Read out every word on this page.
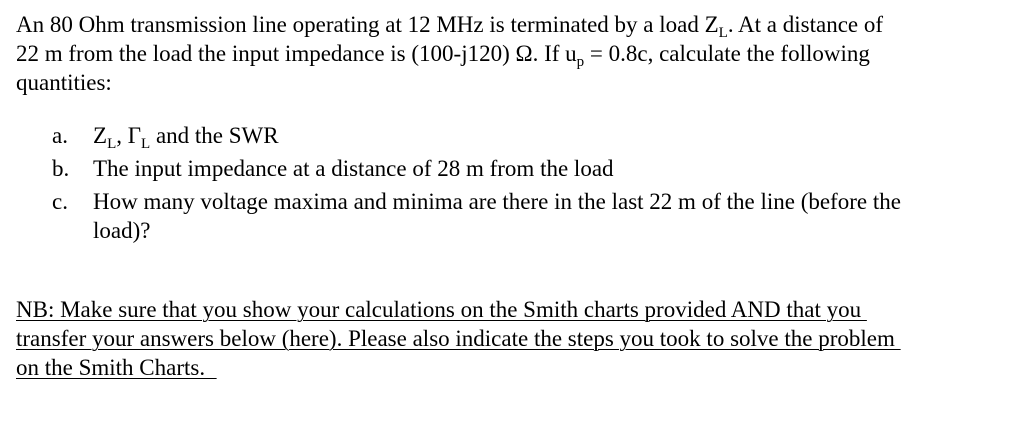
An 80 Ohm transmission line operating at 12 MHz is terminated by a load $Z_L$. At a distance of
22 m from the load the input impedance is (100-j120) Ω. If $u_p = 0.8c$, calculate the following
quantities:

a. $Z_L$, $\Gamma_L$ and the SWR
b. The input impedance at a distance of 28 m from the load
c. How many voltage maxima and minima are there in the last 22 m of the line (before the
load)?

NB: Make sure that you show your calculations on the Smith charts provided AND that you
transfer your answers below (here). Please also indicate the steps you took to solve the problem
on the Smith Charts.
